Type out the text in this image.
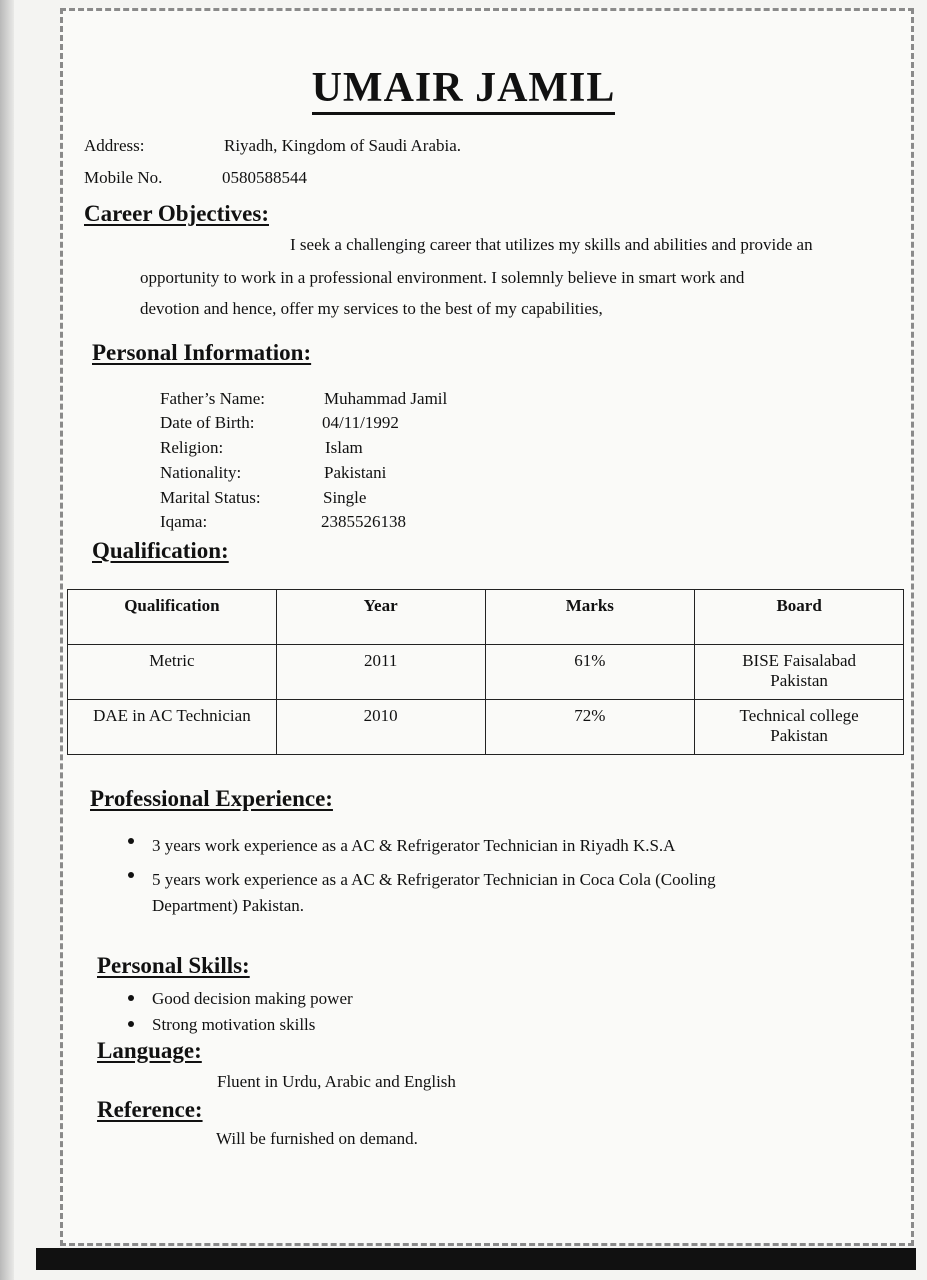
UMAIR JAMIL
Address:	Riyadh, Kingdom of Saudi Arabia.
Mobile No.	0580588544
Career Objectives:
I seek a challenging career that utilizes my skills and abilities and provide an
opportunity to work in a professional environment. I solemnly believe in smart work and
devotion and hence, offer my services to the best of my capabilities,
Personal Information:
Father’s Name:	Muhammad Jamil
Date of Birth:	04/11/1992
Religion:	Islam
Nationality:	Pakistani
Marital Status:	Single
Iqama:	2385526138
Qualification:
Qualification	Year	Marks	Board
Metric	2011	61%	BISE Faisalabad
Pakistan

DAE in AC Technician	2010	72%	Technical college
Pakistan
Professional Experience:
3 years work experience as a AC & Refrigerator Technician in Riyadh K.S.A
5 years work experience as a AC & Refrigerator Technician in Coca Cola (Cooling
Department) Pakistan.
Personal Skills:
Good decision making power
Strong motivation skills
Language:
Fluent in Urdu, Arabic and English
Reference:
Will be furnished on demand.
